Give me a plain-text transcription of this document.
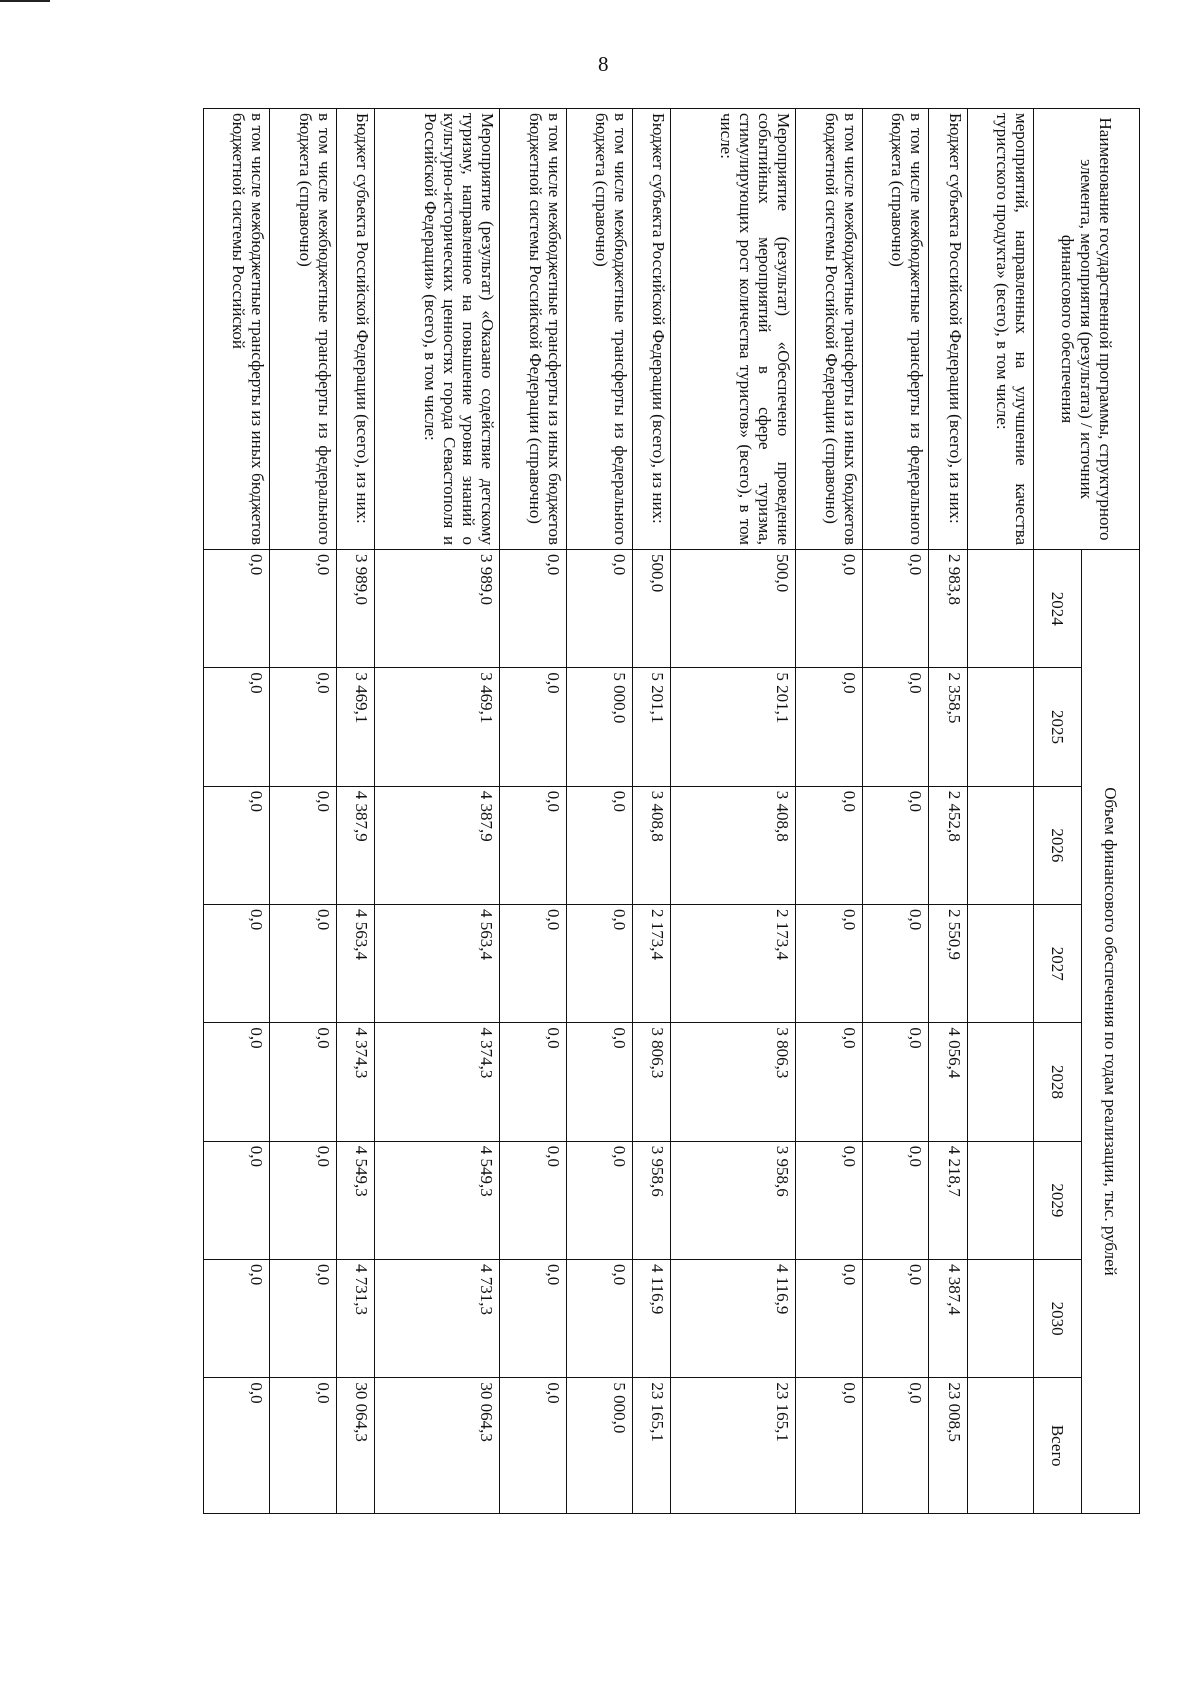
8
Наименование государственной программы, структурного элемента, мероприятия (результата) / источник финансового обеспечения	Объем финансового обеспечения по годам реализации, тыс. рублей							
	2024	2025	2026	2027	2028	2029	2030	Всего
мероприятий, направленных на улучшение качества туристского продукта» (всего), в том числе:								
Бюджет субъекта Российской Федерации (всего), из них:	2 983,8	2 358,5	2 452,8	2 550,9	4 056,4	4 218,7	4 387,4	23 008,5
в том числе межбюджетные трансферты из федерального бюджета (справочно)	0,0	0,0	0,0	0,0	0,0	0,0	0,0	0,0
в том числе межбюджетные трансферты из иных бюджетов бюджетной системы Российской Федерации (справочно)	0,0	0,0	0,0	0,0	0,0	0,0	0,0	0,0
Мероприятие (результат) «Обеспечено проведение событийных мероприятий в сфере туризма, стимулирующих рост количества туристов» (всего), в том числе:	500,0	5 201,1	3 408,8	2 173,4	3 806,3	3 958,6	4 116,9	23 165,1
Бюджет субъекта Российской Федерации (всего), из них:	500,0	5 201,1	3 408,8	2 173,4	3 806,3	3 958,6	4 116,9	23 165,1
в том числе межбюджетные трансферты из федерального бюджета (справочно)	0,0	5 000,0	0,0	0,0	0,0	0,0	0,0	5 000,0
в том числе межбюджетные трансферты из иных бюджетов бюджетной системы Российской Федерации (справочно)	0,0	0,0	0,0	0,0	0,0	0,0	0,0	0,0
Мероприятие (результат) «Оказано содействие детскому туризму, направленное на повышение уровня знаний о культурно-исторических ценностях города Севастополя и Российской Федерации» (всего), в том числе:	3 989,0	3 469,1	4 387,9	4 563,4	4 374,3	4 549,3	4 731,3	30 064,3
Бюджет субъекта Российской Федерации (всего), из них:	3 989,0	3 469,1	4 387,9	4 563,4	4 374,3	4 549,3	4 731,3	30 064,3
в том числе межбюджетные трансферты из федерального бюджета (справочно)	0,0	0,0	0,0	0,0	0,0	0,0	0,0	0,0
в том числе межбюджетные трансферты из иных бюджетов бюджетной системы Российской	0,0	0,0	0,0	0,0	0,0	0,0	0,0	0,0
